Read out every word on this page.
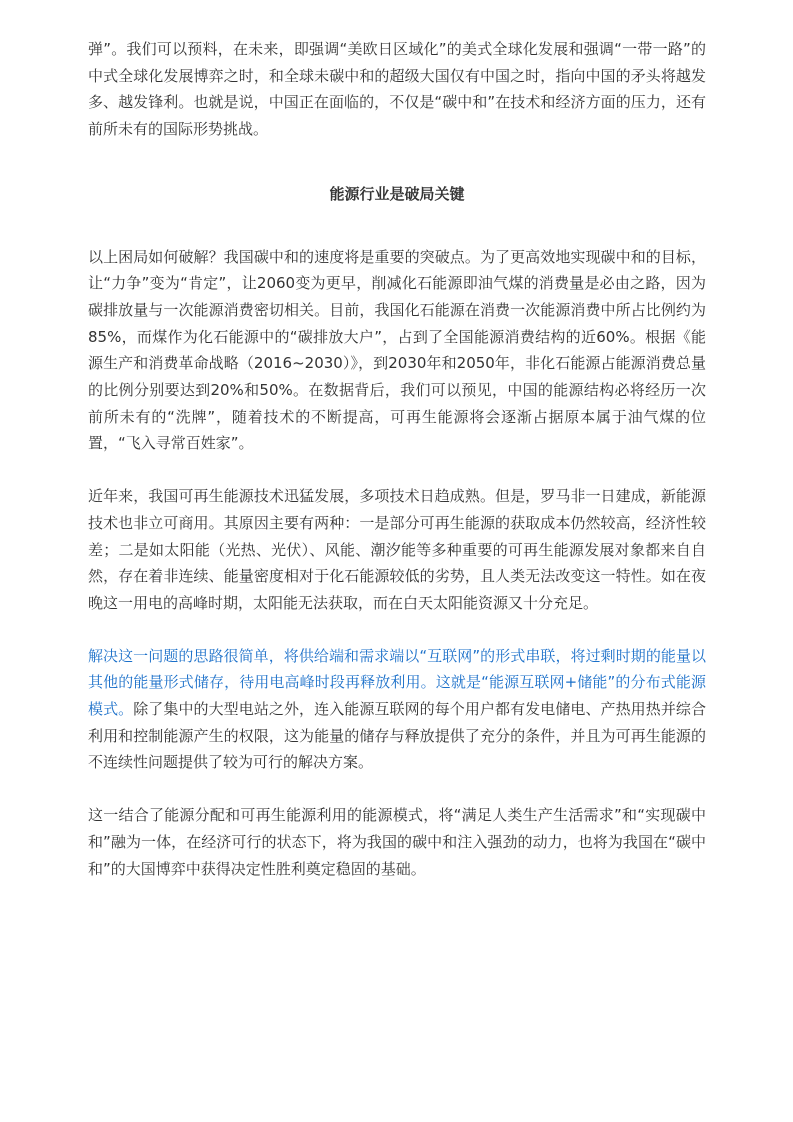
弹”。我们可以预料，在未来，即强调“美欧日区域化”的美式全球化发展和强调“一带一路”的中式全球化发展博弈之时，和全球未碳中和的超级大国仅有中国之时，指向中国的矛头将越发多、越发锋利。也就是说，中国正在面临的，不仅是“碳中和”在技术和经济方面的压力，还有前所未有的国际形势挑战。

能源行业是破局关键

以上困局如何破解？我国碳中和的速度将是重要的突破点。为了更高效地实现碳中和的目标，让“力争”变为“肯定”，让2060变为更早，削减化石能源即油气煤的消费量是必由之路，因为碳排放量与一次能源消费密切相关。目前，我国化石能源在消费一次能源消费中所占比例约为85%，而煤作为化石能源中的“碳排放大户”，占到了全国能源消费结构的近60%。根据《能源生产和消费革命战略（2016~2030）》，到2030年和2050年，非化石能源占能源消费总量的比例分别要达到20%和50%。在数据背后，我们可以预见，中国的能源结构必将经历一次前所未有的“洗牌”，随着技术的不断提高，可再生能源将会逐渐占据原本属于油气煤的位置，“飞入寻常百姓家”。

近年来，我国可再生能源技术迅猛发展，多项技术日趋成熟。但是，罗马非一日建成，新能源技术也非立可商用。其原因主要有两种：一是部分可再生能源的获取成本仍然较高，经济性较差；二是如太阳能（光热、光伏）、风能、潮汐能等多种重要的可再生能源发展对象都来自自然，存在着非连续、能量密度相对于化石能源较低的劣势，且人类无法改变这一特性。如在夜晚这一用电的高峰时期，太阳能无法获取，而在白天太阳能资源又十分充足。

解决这一问题的思路很简单，将供给端和需求端以“互联网”的形式串联，将过剩时期的能量以其他的能量形式储存，待用电高峰时段再释放利用。这就是“能源互联网+储能”的分布式能源模式。除了集中的大型电站之外，连入能源互联网的每个用户都有发电储电、产热用热并综合利用和控制能源产生的权限，这为能量的储存与释放提供了充分的条件，并且为可再生能源的不连续性问题提供了较为可行的解决方案。

这一结合了能源分配和可再生能源利用的能源模式，将“满足人类生产生活需求”和“实现碳中和”融为一体，在经济可行的状态下，将为我国的碳中和注入强劲的动力，也将为我国在“碳中和”的大国博弈中获得决定性胜利奠定稳固的基础。
